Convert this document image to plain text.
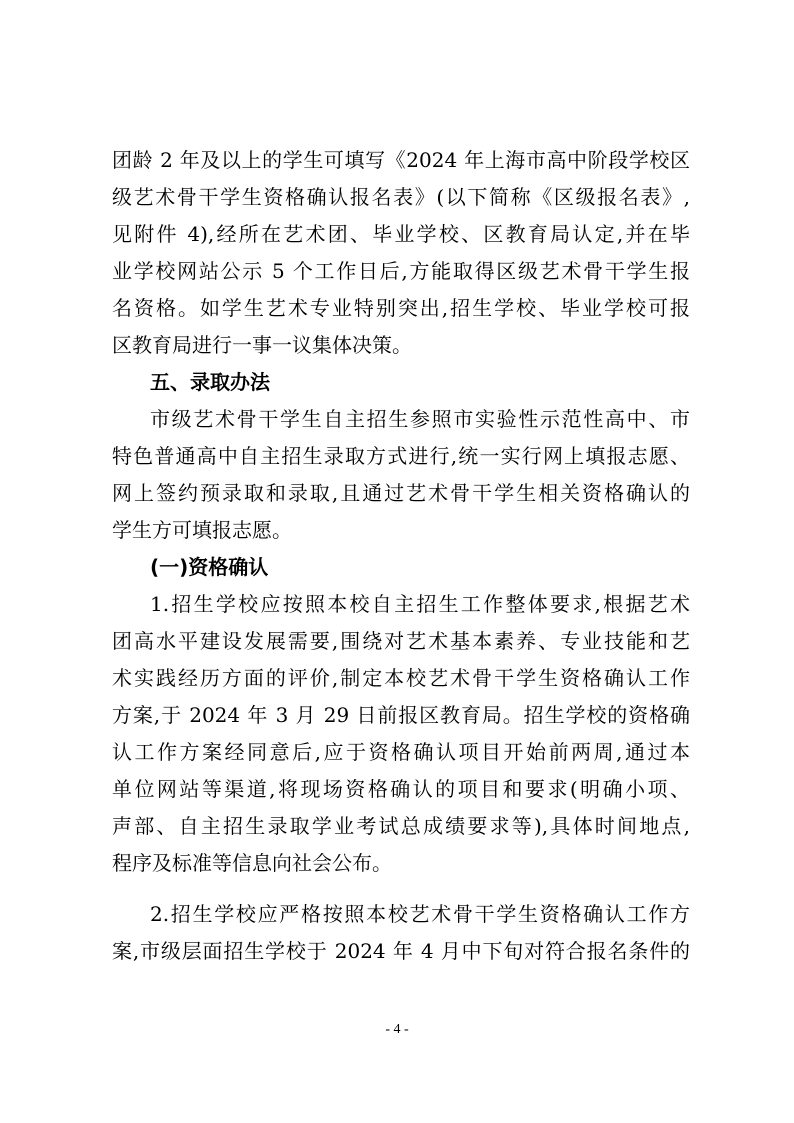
团龄 2 年及以上的学生可填写《2024 年上海市高中阶段学校区
级艺术骨干学生资格确认报名表》(以下简称《区级报名表》,
见附件 4),经所在艺术团、毕业学校、区教育局认定,并在毕
业学校网站公示 5 个工作日后,方能取得区级艺术骨干学生报
名资格。如学生艺术专业特别突出,招生学校、毕业学校可报
区教育局进行一事一议集体决策。
五、录取办法
市级艺术骨干学生自主招生参照市实验性示范性高中、市
特色普通高中自主招生录取方式进行,统一实行网上填报志愿、
网上签约预录取和录取,且通过艺术骨干学生相关资格确认的
学生方可填报志愿。
(一)资格确认
1.招生学校应按照本校自主招生工作整体要求,根据艺术
团高水平建设发展需要,围绕对艺术基本素养、专业技能和艺
术实践经历方面的评价,制定本校艺术骨干学生资格确认工作
方案,于 2024 年 3 月 29 日前报区教育局。招生学校的资格确
认工作方案经同意后,应于资格确认项目开始前两周,通过本
单位网站等渠道,将现场资格确认的项目和要求(明确小项、
声部、自主招生录取学业考试总成绩要求等),具体时间地点,
程序及标准等信息向社会公布。
2.招生学校应严格按照本校艺术骨干学生资格确认工作方
案,市级层面招生学校于 2024 年 4 月中下旬对符合报名条件的
- 4 -
